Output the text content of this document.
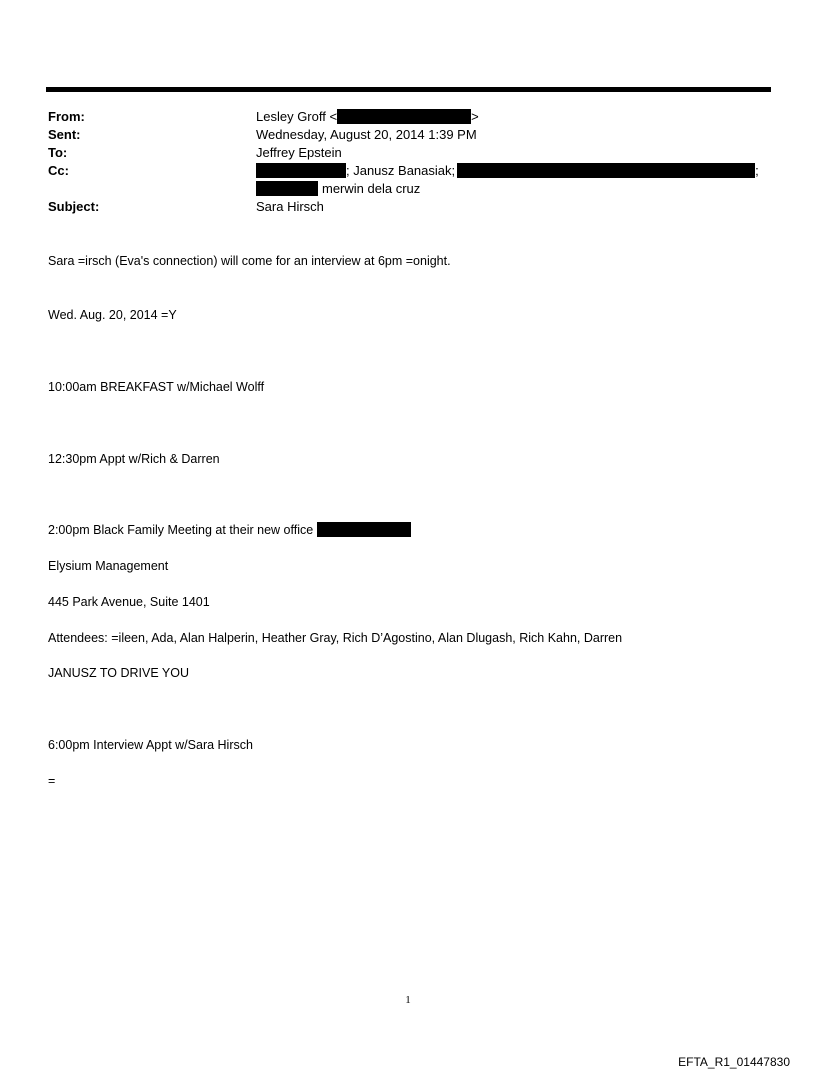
From:	Lesley Groff <	>
Sent:	Wednesday, August 20, 2014 1:39 PM
To:	Jeffrey Epstein
Cc:	; Janusz Banasiak;	;
merwin dela cruz
Subject:	Sara Hirsch
Sara =irsch (Eva's connection) will come for an interview at 6pm =onight.
Wed. Aug. 20, 2014 =Y
10:00am BREAKFAST w/Michael Wolff
12:30pm Appt w/Rich & Darren
2:00pm Black Family Meeting at their new office
Elysium Management
445 Park Avenue, Suite 1401
Attendees: =ileen, Ada, Alan Halperin, Heather Gray, Rich D’Agostino, Alan Dlugash, Rich Kahn, Darren
JANUSZ TO DRIVE YOU
6:00pm Interview Appt w/Sara Hirsch
=
1
EFTA_R1_01447830
